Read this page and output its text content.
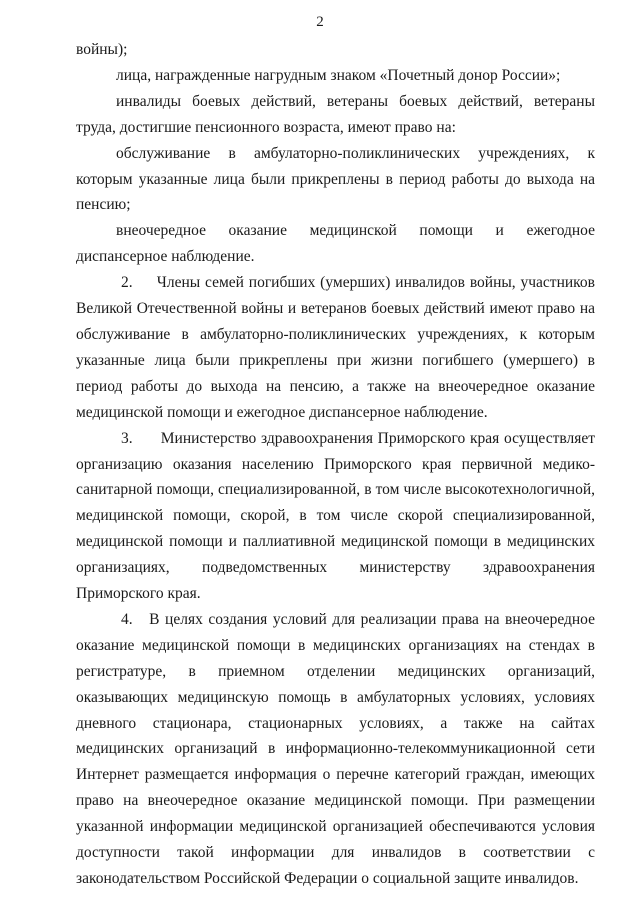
2

войны);

лица, награжденные нагрудным знаком «Почетный донор России»;

инвалиды боевых действий, ветераны боевых действий, ветераны труда, достигшие пенсионного возраста, имеют право на:

обслуживание в амбулаторно-поликлинических учреждениях, к которым указанные лица были прикреплены в период работы до выхода на пенсию;

внеочередное оказание медицинской помощи и ежегодное диспансерное наблюдение.

2.     Члены семей погибших (умерших) инвалидов войны, участников Великой Отечественной войны и ветеранов боевых действий имеют право на обслуживание в амбулаторно-поликлинических учреждениях, к которым указанные лица были прикреплены при жизни погибшего (умершего) в период работы до выхода на пенсию, а также на внеочередное оказание медицинской помощи и ежегодное диспансерное наблюдение.

3.      Министерство здравоохранения Приморского края осуществляет организацию оказания населению Приморского края первичной медико-санитарной помощи, специализированной, в том числе высокотехнологичной, медицинской помощи, скорой, в том числе скорой специализированной, медицинской помощи и паллиативной медицинской помощи в медицинских организациях, подведомственных министерству здравоохранения Приморского края.

4.   В целях создания условий для реализации права на внеочередное оказание медицинской помощи в медицинских организациях на стендах в регистратуре, в приемном отделении медицинских организаций, оказывающих медицинскую помощь в амбулаторных условиях, условиях дневного стационара, стационарных условиях, а также на сайтах медицинских организаций в информационно-телекоммуникационной сети Интернет размещается информация о перечне категорий граждан, имеющих право на внеочередное оказание медицинской помощи. При размещении указанной информации медицинской организацией обеспечиваются условия доступности такой информации для инвалидов в соответствии с законодательством Российской Федерации о социальной защите инвалидов.
